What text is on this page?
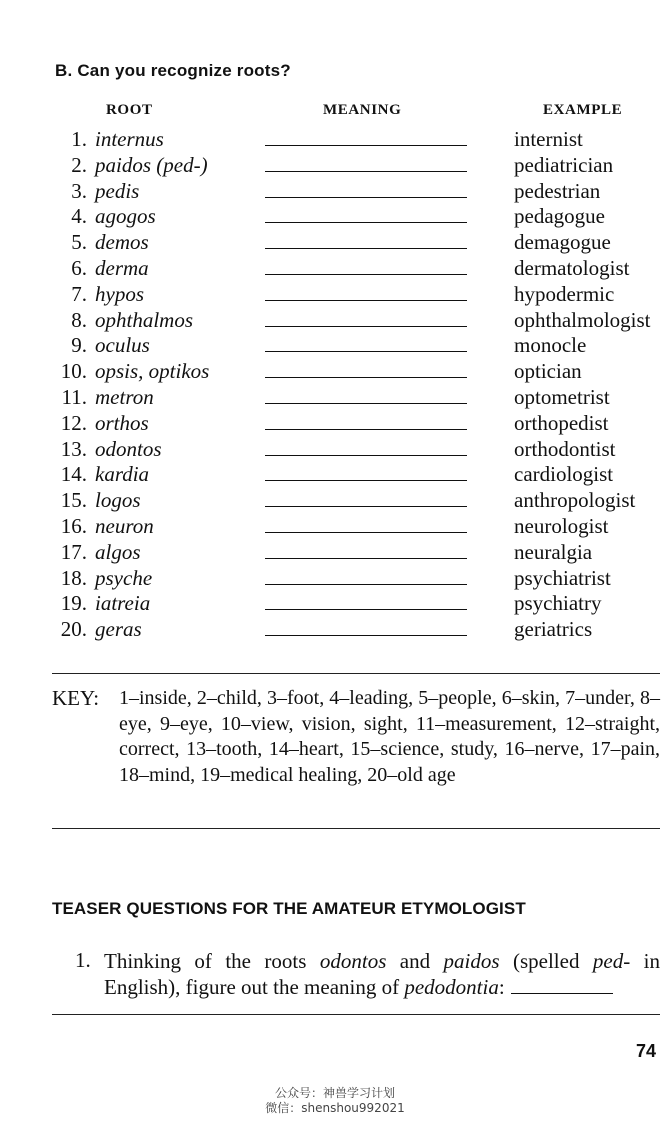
B. Can you recognize roots?
ROOT	MEANING	EXAMPLE
1. internus	internist
2. paidos (ped-)	pediatrician
3. pedis	pedestrian
4. agogos	pedagogue
5. demos	demagogue
6. derma	dermatologist
7. hypos	hypodermic
8. ophthalmos	ophthalmologist
9. oculus	monocle
10. opsis, optikos	optician
11. metron	optometrist
12. orthos	orthopedist
13. odontos	orthodontist
14. kardia	cardiologist
15. logos	anthropologist
16. neuron	neurologist
17. algos	neuralgia
18. psyche	psychiatrist
19. iatreia	psychiatry
20. geras	geriatrics
KEY: 1–inside, 2–child, 3–foot, 4–leading, 5–people, 6–skin, 7–under, 8–eye, 9–eye, 10–view, vision, sight, 11–measurement, 12–straight, correct, 13–tooth, 14–heart, 15–science, study, 16–nerve, 17–pain, 18–mind, 19–medical healing, 20–old age
TEASER QUESTIONS FOR THE AMATEUR ETYMOLOGIST
1. Thinking of the roots odontos and paidos (spelled ped- in English), figure out the meaning of pedodontia:
74
公众号：神兽学习计划
微信：shenshou992021
